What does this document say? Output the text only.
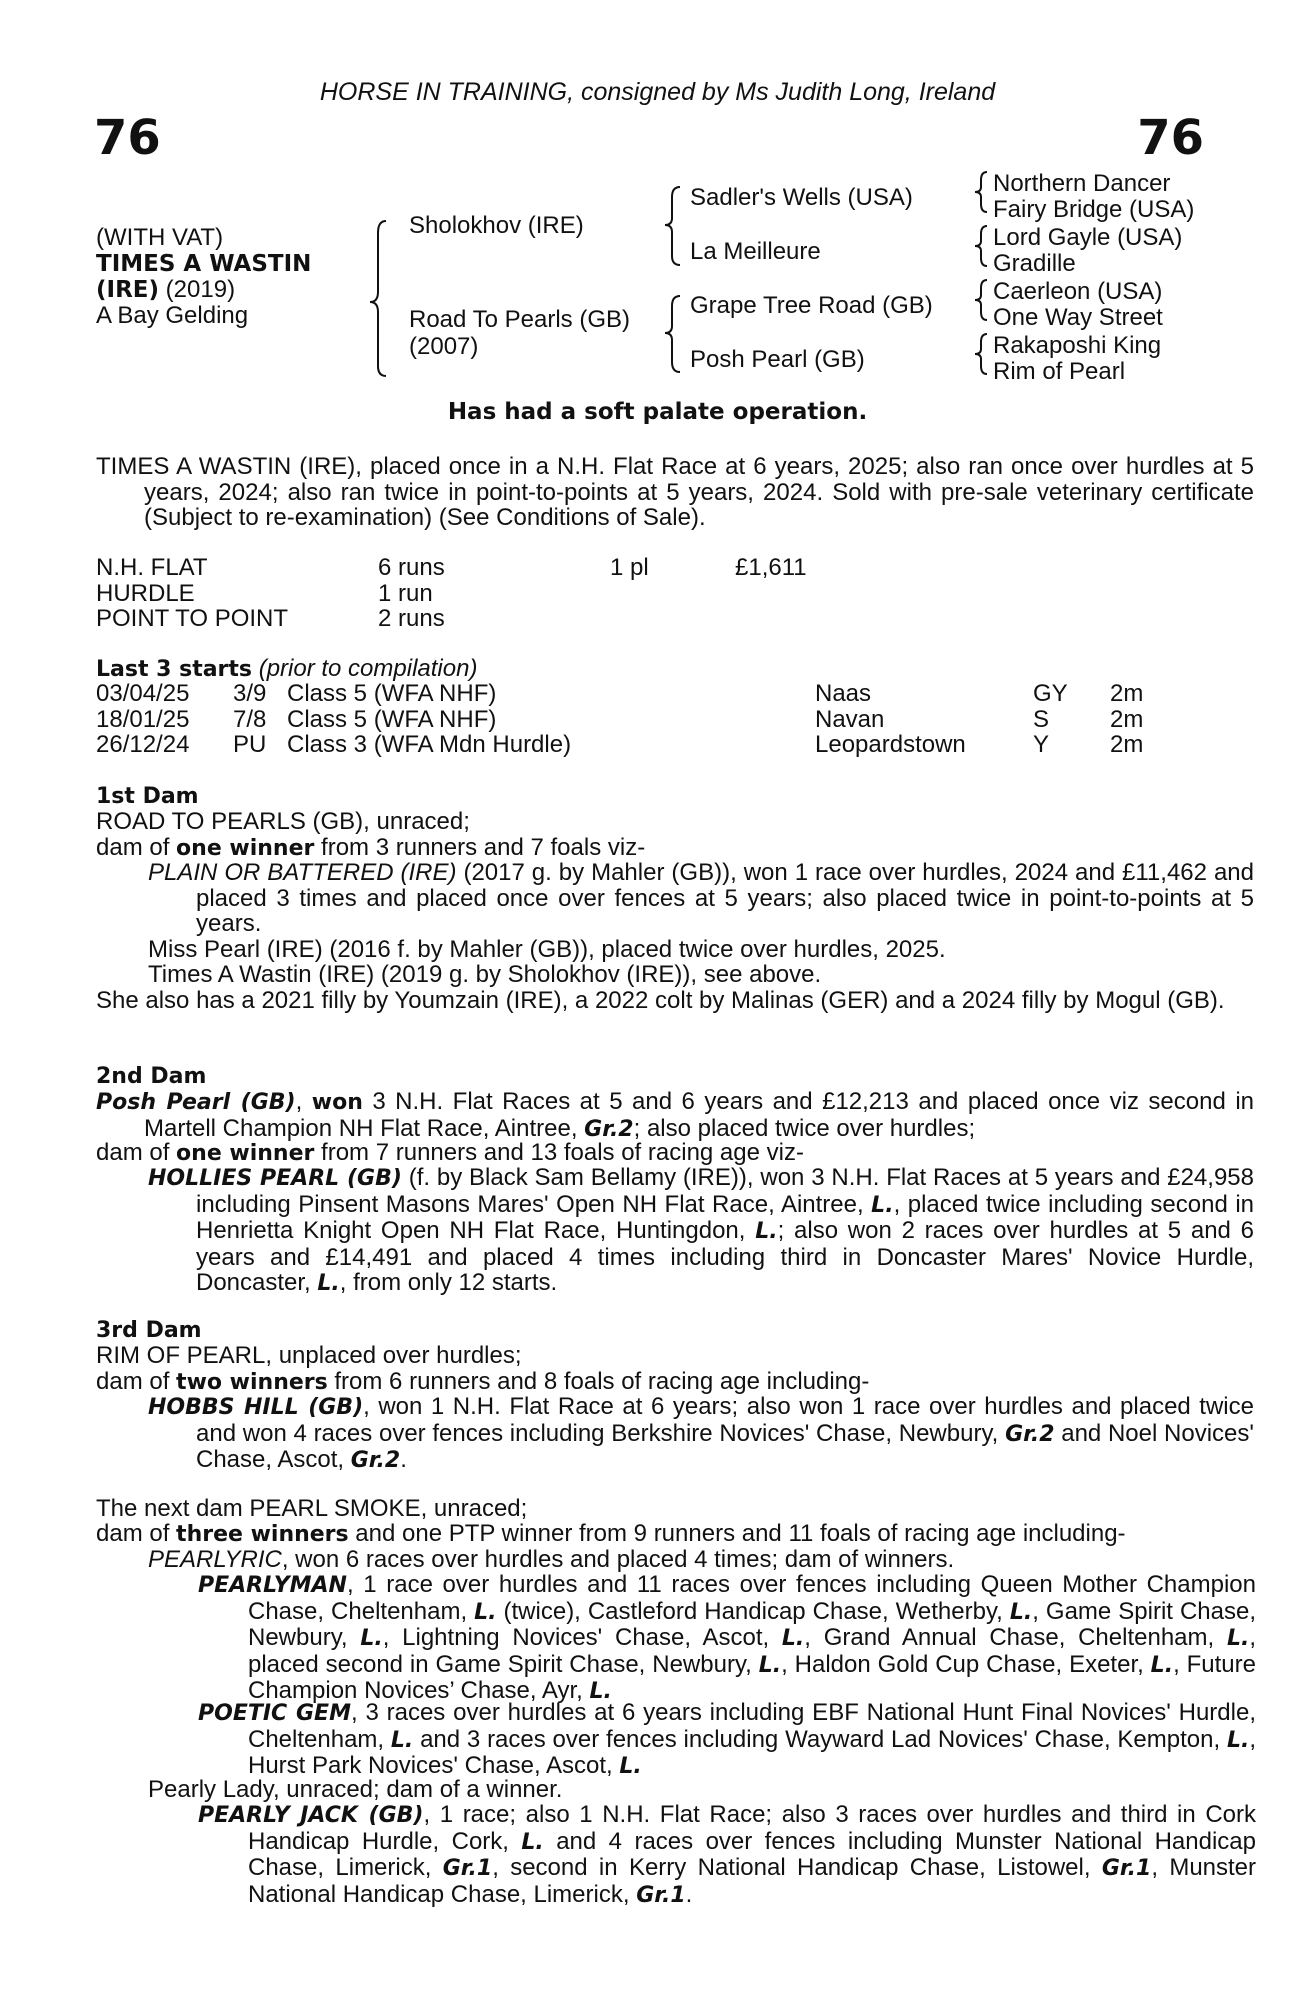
HORSE IN TRAINING, consigned by Ms Judith Long, Ireland
76	76
(WITH VAT)
TIMES A WASTIN
(IRE) (2019)
A Bay Gelding
Sholokhov (IRE)
Road To Pearls (GB)
(2007)
Sadler's Wells (USA)
La Meilleure
Grape Tree Road (GB)
Posh Pearl (GB)
Northern Dancer
Fairy Bridge (USA)
Lord Gayle (USA)
Gradille
Caerleon (USA)
One Way Street
Rakaposhi King
Rim of Pearl
Has had a soft palate operation.
TIMES A WASTIN (IRE), placed once in a N.H. Flat Race at 6 years, 2025; also ran once over hurdles at 5 years, 2024; also ran twice in point-to-points at 5 years, 2024. Sold with pre-sale veterinary certificate (Subject to re-examination) (See Conditions of Sale).
N.H. FLAT	6 runs	1 pl	£1,611
HURDLE	1 run		
POINT TO POINT	2 runs		
Last 3 starts (prior to compilation)
03/04/25	3/9	Class 5 (WFA NHF)	Naas	GY	2m
18/01/25	7/8	Class 5 (WFA NHF)	Navan	S	2m
26/12/24	PU	Class 3 (WFA Mdn Hurdle)	Leopardstown	Y	2m
1st Dam
ROAD TO PEARLS (GB), unraced;
dam of one winner from 3 runners and 7 foals viz-
PLAIN OR BATTERED (IRE) (2017 g. by Mahler (GB)), won 1 race over hurdles, 2024 and £11,462 and placed 3 times and placed once over fences at 5 years; also placed twice in point-to-points at 5 years.
Miss Pearl (IRE) (2016 f. by Mahler (GB)), placed twice over hurdles, 2025.
Times A Wastin (IRE) (2019 g. by Sholokhov (IRE)), see above.
She also has a 2021 filly by Youmzain (IRE), a 2022 colt by Malinas (GER) and a 2024 filly by Mogul (GB).
2nd Dam
Posh Pearl (GB), won 3 N.H. Flat Races at 5 and 6 years and £12,213 and placed once viz second in Martell Champion NH Flat Race, Aintree, Gr.2; also placed twice over hurdles;
dam of one winner from 7 runners and 13 foals of racing age viz-
HOLLIES PEARL (GB) (f. by Black Sam Bellamy (IRE)), won 3 N.H. Flat Races at 5 years and £24,958 including Pinsent Masons Mares' Open NH Flat Race, Aintree, L., placed twice including second in Henrietta Knight Open NH Flat Race, Huntingdon, L.; also won 2 races over hurdles at 5 and 6 years and £14,491 and placed 4 times including third in Doncaster Mares' Novice Hurdle, Doncaster, L., from only 12 starts.
3rd Dam
RIM OF PEARL, unplaced over hurdles;
dam of two winners from 6 runners and 8 foals of racing age including-
HOBBS HILL (GB), won 1 N.H. Flat Race at 6 years; also won 1 race over hurdles and placed twice and won 4 races over fences including Berkshire Novices' Chase, Newbury, Gr.2 and Noel Novices' Chase, Ascot, Gr.2.
The next dam PEARL SMOKE, unraced;
dam of three winners and one PTP winner from 9 runners and 11 foals of racing age including-
PEARLYRIC, won 6 races over hurdles and placed 4 times; dam of winners.
PEARLYMAN, 1 race over hurdles and 11 races over fences including Queen Mother Champion Chase, Cheltenham, L. (twice), Castleford Handicap Chase, Wetherby, L., Game Spirit Chase, Newbury, L., Lightning Novices' Chase, Ascot, L., Grand Annual Chase, Cheltenham, L., placed second in Game Spirit Chase, Newbury, L., Haldon Gold Cup Chase, Exeter, L., Future Champion Novices’ Chase, Ayr, L.
POETIC GEM, 3 races over hurdles at 6 years including EBF National Hunt Final Novices' Hurdle, Cheltenham, L. and 3 races over fences including Wayward Lad Novices' Chase, Kempton, L., Hurst Park Novices' Chase, Ascot, L.
Pearly Lady, unraced; dam of a winner.
PEARLY JACK (GB), 1 race; also 1 N.H. Flat Race; also 3 races over hurdles and third in Cork Handicap Hurdle, Cork, L. and 4 races over fences including Munster National Handicap Chase, Limerick, Gr.1, second in Kerry National Handicap Chase, Listowel, Gr.1, Munster National Handicap Chase, Limerick, Gr.1.
